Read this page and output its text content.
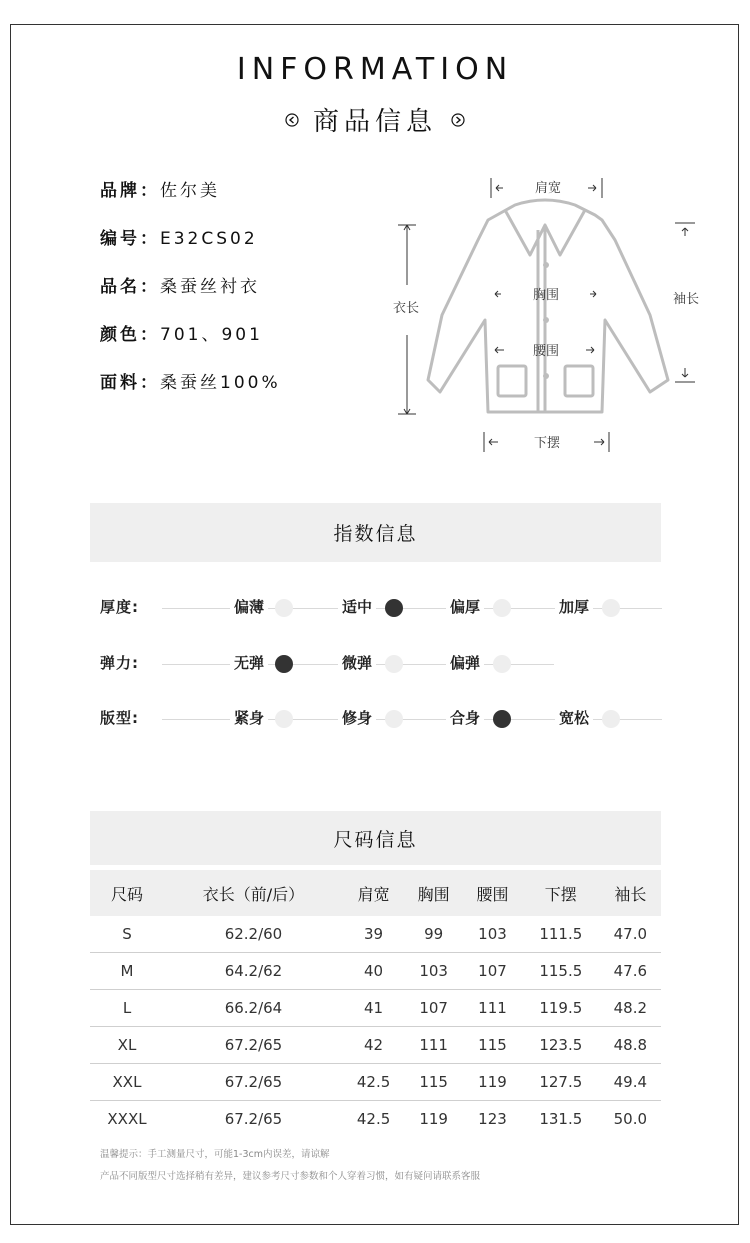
INFORMATION
商品信息
品牌：佐尔美
编号：E32CS02
品名：桑蚕丝衬衣
颜色：701、901
面料：桑蚕丝100%
肩宽
衣长
胸围
腰围
下摆
袖长
指数信息
厚度:	偏薄	适中	偏厚	加厚
弹力:	无弹	微弹	偏弹
版型:	紧身	修身	合身	宽松
尺码信息
尺码	衣长（前/后）	肩宽	胸围	腰围	下摆	袖长
S	62.2/60	39	99	103	111.5	47.0
M	64.2/62	40	103	107	115.5	47.6
L	66.2/64	41	107	111	119.5	48.2
XL	67.2/65	42	111	115	123.5	48.8
XXL	67.2/65	42.5	115	119	127.5	49.4
XXXL	67.2/65	42.5	119	123	131.5	50.0
温馨提示：手工测量尺寸，可能1-3cm内误差，请谅解
产品不同版型尺寸选择稍有差异，建议参考尺寸参数和个人穿着习惯，如有疑问请联系客服
